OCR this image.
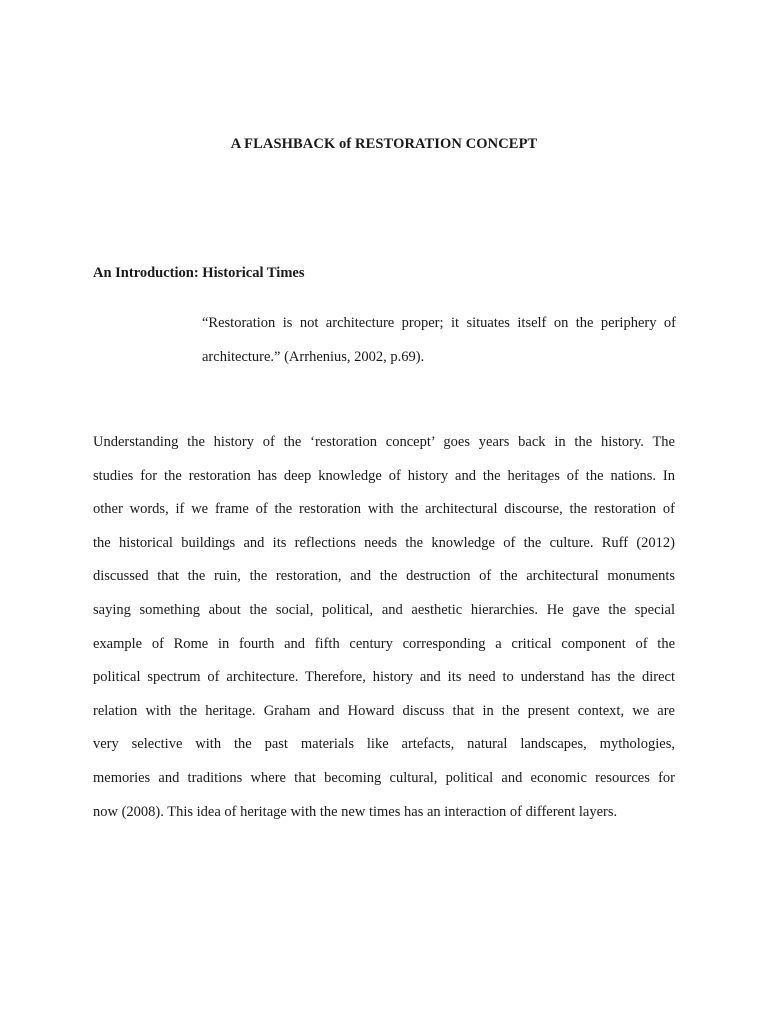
A FLASHBACK of RESTORATION CONCEPT
An Introduction: Historical Times
“Restoration is not architecture proper; it situates itself on the periphery of
architecture.” (Arrhenius, 2002, p.69).

Understanding the history of the ‘restoration concept’ goes years back in the history. The
studies for the restoration has deep knowledge of history and the heritages of the nations. In
other words, if we frame of the restoration with the architectural discourse, the restoration of
the historical buildings and its reflections needs the knowledge of the culture. Ruff (2012)
discussed that the ruin, the restoration, and the destruction of the architectural monuments
saying something about the social, political, and aesthetic hierarchies. He gave the special
example of Rome in fourth and fifth century corresponding a critical component of the
political spectrum of architecture. Therefore, history and its need to understand has the direct
relation with the heritage. Graham and Howard discuss that in the present context, we are
very selective with the past materials like artefacts, natural landscapes, mythologies,
memories and traditions where that becoming cultural, political and economic resources for
now (2008). This idea of heritage with the new times has an interaction of different layers.
